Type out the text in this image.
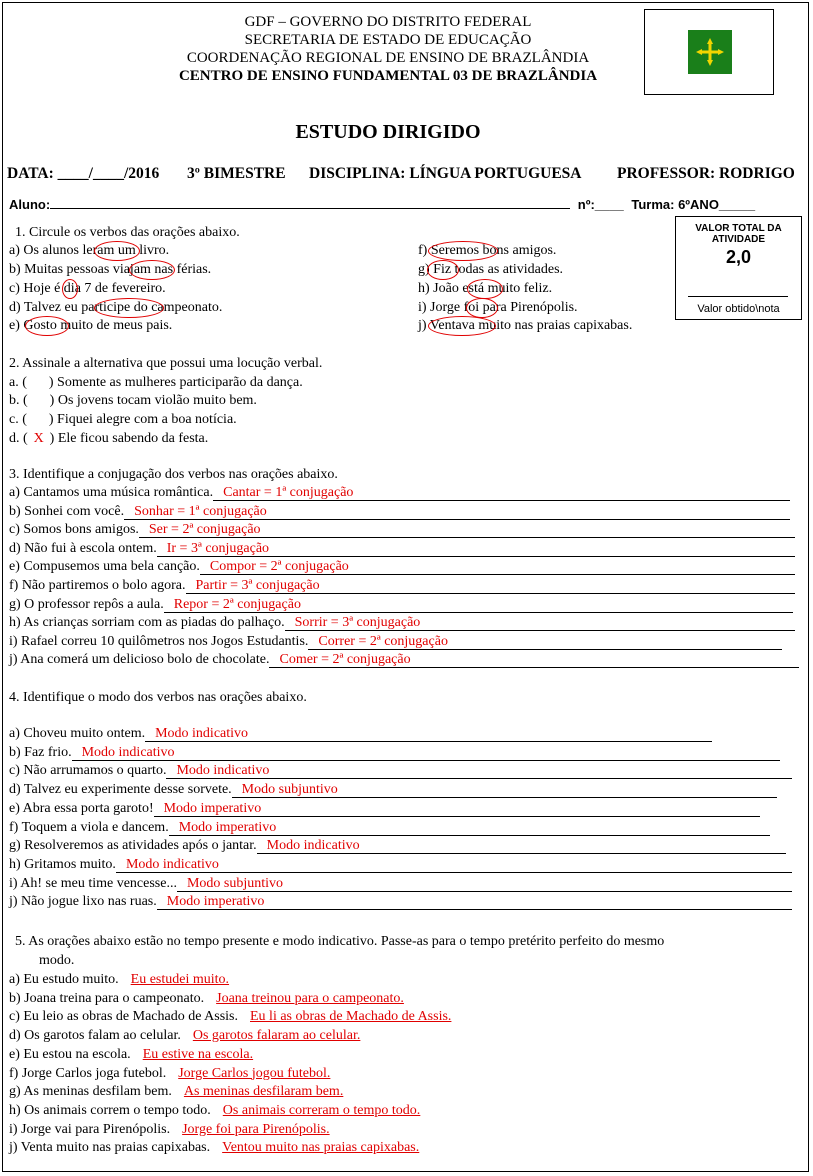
GDF – GOVERNO DO DISTRITO FEDERAL
SECRETARIA DE ESTADO DE EDUCAÇÃO
COORDENAÇÃO REGIONAL DE ENSINO DE BRAZLÂNDIA
CENTRO DE ENSINO FUNDAMENTAL 03 DE BRAZLÂNDIA
ESTUDO DIRIGIDO
DATA: ____/____/2016 3º BIMESTRE DISCIPLINA: LÍNGUA PORTUGUESA PROFESSOR: RODRIGO
Aluno:	nº:____ Turma: 6ºANO_____
VALOR TOTAL DA ATIVIDADE
2,0
Valor obtido\nota
1. Circule os verbos das orações abaixo.
a) Os alunos leram um livro.
b) Muitas pessoas viajam nas férias.
c) Hoje é dia 7 de fevereiro.
d) Talvez eu participe do campeonato.
e) Gosto muito de meus pais.
f) Seremos bons amigos.
g) Fiz todas as atividades.
h) João está muito feliz.
i) Jorge foi para Pirenópolis.
j) Ventava muito nas praias capixabas.
2. Assinale a alternativa que possui uma locução verbal.
a. ( ) Somente as mulheres participarão da dança.
b. ( ) Os jovens tocam violão muito bem.
c. ( ) Fiquei alegre com a boa notícia.
d. ( X ) Ele ficou sabendo da festa.
3. Identifique a conjugação dos verbos nas orações abaixo.
a) Cantamos uma música romântica. Cantar = 1ª conjugação
b) Sonhei com você. Sonhar = 1ª conjugação
c) Somos bons amigos. Ser = 2ª conjugação
d) Não fui à escola ontem. Ir = 3ª conjugação
e) Compusemos uma bela canção. Compor = 2ª conjugação
f) Não partiremos o bolo agora. Partir = 3ª conjugação
g) O professor repôs a aula. Repor = 2ª conjugação
h) As crianças sorriam com as piadas do palhaço. Sorrir = 3ª conjugação
i) Rafael correu 10 quilômetros nos Jogos Estudantis. Correr = 2ª conjugação
j) Ana comerá um delicioso bolo de chocolate. Comer = 2ª conjugação
4. Identifique o modo dos verbos nas orações abaixo.
a) Choveu muito ontem. Modo indicativo
b) Faz frio. Modo indicativo
c) Não arrumamos o quarto. Modo indicativo
d) Talvez eu experimente desse sorvete. Modo subjuntivo
e) Abra essa porta garoto! Modo imperativo
f) Toquem a viola e dancem. Modo imperativo
g) Resolveremos as atividades após o jantar. Modo indicativo
h) Gritamos muito. Modo indicativo
i) Ah! se meu time vencesse... Modo subjuntivo
j) Não jogue lixo nas ruas. Modo imperativo
5. As orações abaixo estão no tempo presente e modo indicativo. Passe-as para o tempo pretérito perfeito do mesmo
modo.
a) Eu estudo muito. Eu estudei muito.
b) Joana treina para o campeonato. Joana treinou para o campeonato.
c) Eu leio as obras de Machado de Assis. Eu li as obras de Machado de Assis.
d) Os garotos falam ao celular. Os garotos falaram ao celular.
e) Eu estou na escola. Eu estive na escola.
f) Jorge Carlos joga futebol. Jorge Carlos jogou futebol.
g) As meninas desfilam bem. As meninas desfilaram bem.
h) Os animais correm o tempo todo. Os animais correram o tempo todo.
i) Jorge vai para Pirenópolis. Jorge foi para Pirenópolis.
j) Venta muito nas praias capixabas. Ventou muito nas praias capixabas.
